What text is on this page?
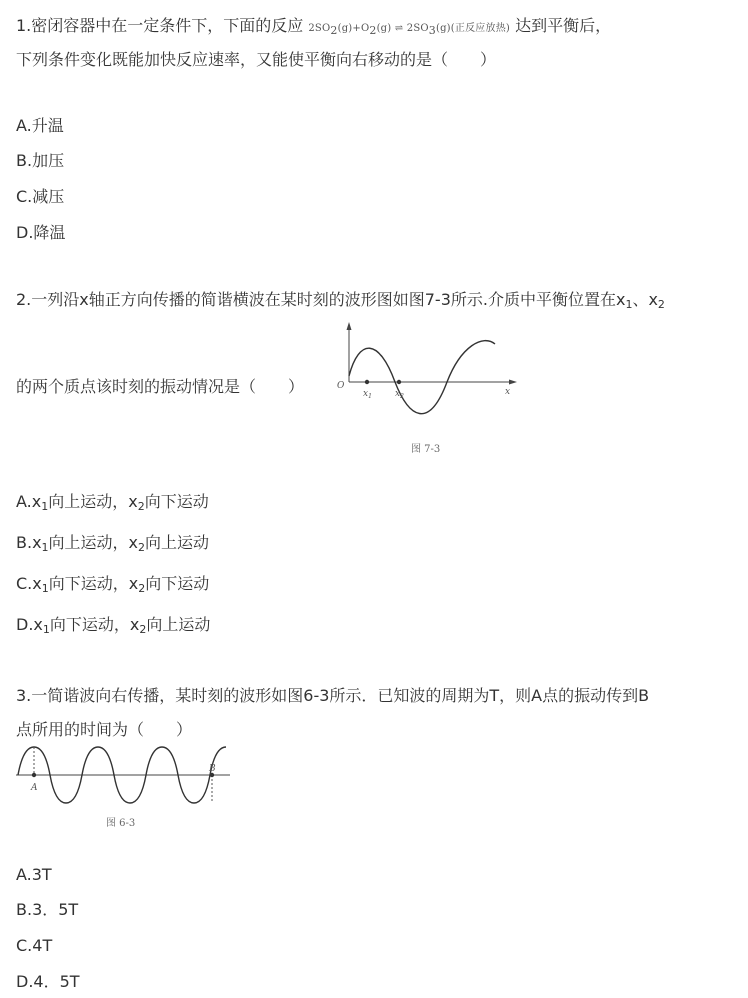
1.密闭容器中在一定条件下，下面的反应 $2SO_2(g)+O_2(g)$ ⇌ $2SO_3(g)$(正反应放热) 达到平衡后，
下列条件变化既能加快反应速率，又能使平衡向右移动的是（　　）
A.升温
B.加压
C.减压
D.降温
2.一列沿x轴正方向传播的简谐横波在某时刻的波形图如图7-3所示.介质中平衡位置在$x_1$、$x_2$
的两个质点该时刻的振动情况是（　　）	O
$x_1$	$x_2$	x
图 7-3
$A.x_1$向上运动，$x_2$向下运动
$B.x_1$向上运动，$x_2$向上运动
$C.x_1$向下运动，$x_2$向下运动
$D.x_1$向下运动，$x_2$向上运动
3.一简谐波向右传播，某时刻的波形如图6-3所示．已知波的周期为T，则A点的振动传到B
点所用的时间为（　　）
A
B
图 6-3
A.3T
B.3．5T
C.4T
D.4．5T
